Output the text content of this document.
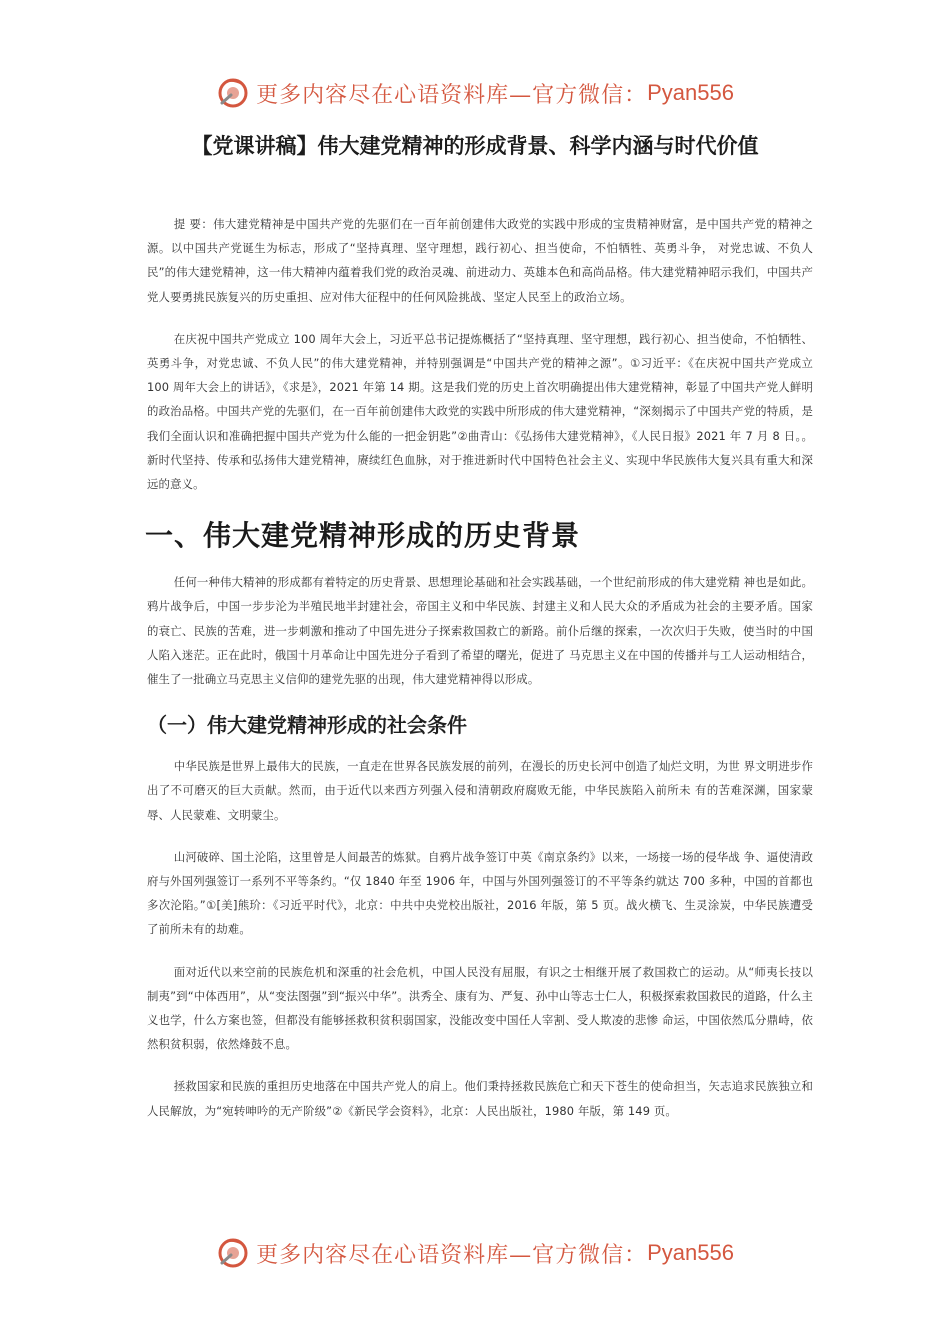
更多内容尽在心语资料库—官方微信： Pyan556
【党课讲稿】伟大建党精神的形成背景、科学内涵与时代价值

提 要：伟大建党精神是中国共产党的先驱们在一百年前创建伟大政党的实践中形成的宝贵精神财富，是中国共产党的精神之源。以中国共产党诞生为标志，形成了“坚持真理、坚守理想，践行初心、担当使命，不怕牺牲、英勇斗争， 对党忠诚、不负人民”的伟大建党精神，这一伟大精神内蕴着我们党的政治灵魂、前进动力、英雄本色和高尚品格。伟大建党精神昭示我们，中国共产党人要勇挑民族复兴的历史重担、应对伟大征程中的任何风险挑战、坚定人民至上的政治立场。

在庆祝中国共产党成立 100 周年大会上，习近平总书记提炼概括了“坚持真理、坚守理想，践行初心、担当使命，不怕牺牲、英勇斗争，对党忠诚、不负人民”的伟大建党精神，并特别强调是“中国共产党的精神之源”。①习近平：《在庆祝中国共产党成立 100 周年大会上的讲话》，《求是》，2021 年第 14 期。这是我们党的历史上首次明确提出伟大建党精神，彰显了中国共产党人鲜明的政治品格。中国共产党的先驱们，在一百年前创建伟大政党的实践中所形成的伟大建党精神，“深刻揭示了中国共产党的特质，是我们全面认识和准确把握中国共产党为什么能的一把金钥匙”②曲青山：《弘扬伟大建党精神》，《人民日报》2021 年 7 月 8 日。。新时代坚持、传承和弘扬伟大建党精神，赓续红色血脉，对于推进新时代中国特色社会主义、实现中华民族伟大复兴具有重大和深远的意义。

一、伟大建党精神形成的历史背景

任何一种伟大精神的形成都有着特定的历史背景、思想理论基础和社会实践基础，一个世纪前形成的伟大建党精 神也是如此。鸦片战争后，中国一步步沦为半殖民地半封建社会，帝国主义和中华民族、封建主义和人民大众的矛盾成为社会的主要矛盾。国家的衰亡、民族的苦难，进一步刺激和推动了中国先进分子探索救国救亡的新路。前仆后继的探索，一次次归于失败，使当时的中国人陷入迷茫。正在此时，俄国十月革命让中国先进分子看到了希望的曙光，促进了 马克思主义在中国的传播并与工人运动相结合，催生了一批确立马克思主义信仰的建党先驱的出现，伟大建党精神得以形成。

（一）伟大建党精神形成的社会条件

中华民族是世界上最伟大的民族，一直走在世界各民族发展的前列，在漫长的历史长河中创造了灿烂文明，为世 界文明进步作出了不可磨灭的巨大贡献。然而，由于近代以来西方列强入侵和清朝政府腐败无能，中华民族陷入前所未 有的苦难深渊，国家蒙辱、人民蒙难、文明蒙尘。

山河破碎、国土沦陷，这里曾是人间最苦的炼狱。自鸦片战争签订中英《南京条约》以来，一场接一场的侵华战 争、逼使清政府与外国列强签订一系列不平等条约。“仅 1840 年至 1906 年，中国与外国列强签订的不平等条约就达 700 多种，中国的首都也多次沦陷。”①[美]熊玠：《习近平时代》，北京：中共中央党校出版社，2016 年版，第 5 页。战火横飞、生灵涂炭，中华民族遭受了前所未有的劫难。

面对近代以来空前的民族危机和深重的社会危机，中国人民没有屈服，有识之士相继开展了救国救亡的运动。从“师夷长技以制夷”到“中体西用”，从“变法图强”到“振兴中华”。洪秀全、康有为、严复、孙中山等志士仁人，积极探索救国救民的道路，什么主义也学，什么方案也签，但都没有能够拯救积贫积弱国家，没能改变中国任人宰割、受人欺凌的悲惨 命运，中国依然瓜分鼎峙，依然积贫积弱，依然烽鼓不息。

拯救国家和民族的重担历史地落在中国共产党人的肩上。他们秉持拯救民族危亡和天下苍生的使命担当，矢志追求民族独立和人民解放，为“宛转呻吟的无产阶级”②《新民学会资料》，北京：人民出版社，1980 年版，第 149 页。

更多内容尽在心语资料库—官方微信： Pyan556
